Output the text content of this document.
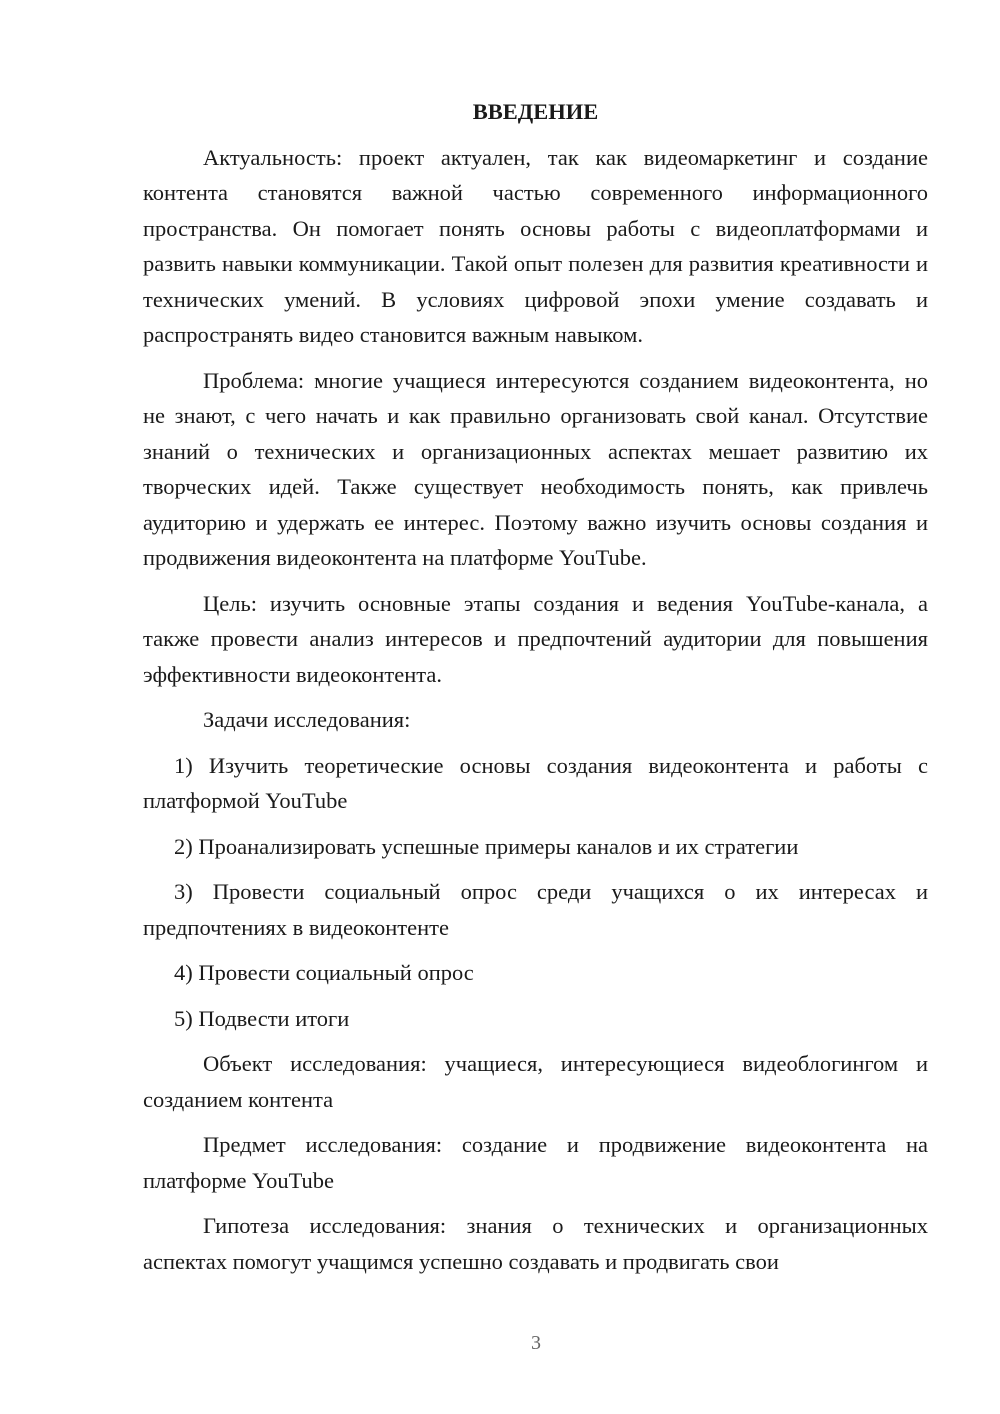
ВВЕДЕНИЕ

Актуальность: проект актуален, так как видеомаркетинг и создание контента становятся важной частью современного информационного пространства. Он помогает понять основы работы с видеоплатформами и развить навыки коммуникации. Такой опыт полезен для развития креативности и технических умений. В условиях цифровой эпохи умение создавать и распространять видео становится важным навыком.

Проблема: многие учащиеся интересуются созданием видеоконтента, но не знают, с чего начать и как правильно организовать свой канал. Отсутствие знаний о технических и организационных аспектах мешает развитию их творческих идей. Также существует необходимость понять, как привлечь аудиторию и удержать ее интерес. Поэтому важно изучить основы создания и продвижения видеоконтента на платформе YouTube.

Цель: изучить основные этапы создания и ведения YouTube-канала, а также провести анализ интересов и предпочтений аудитории для повышения эффективности видеоконтента.

Задачи исследования:

1) Изучить теоретические основы создания видеоконтента и работы с платформой YouTube

2) Проанализировать успешные примеры каналов и их стратегии

3) Провести социальный опрос среди учащихся о их интересах и предпочтениях в видеоконтенте

4) Провести социальный опрос

5) Подвести итоги

Объект исследования: учащиеся, интересующиеся видеоблогингом и созданием контента

Предмет исследования: создание и продвижение видеоконтента на платформе YouTube

Гипотеза исследования: знания о технических и организационных аспектах помогут учащимся успешно создавать и продвигать свои

3
